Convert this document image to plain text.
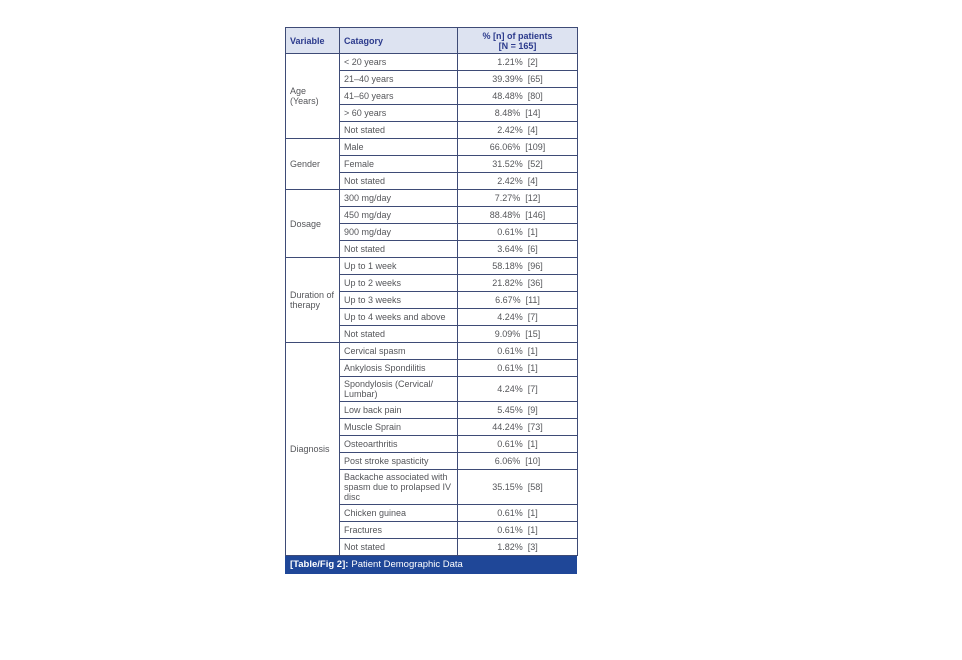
Variable	Catagory	% [n] of patients
[N = 165]

Age (Years)	< 20 years	1.21% [2]
	21–40 years	39.39% [65]
	41–60 years	48.48% [80]
	> 60 years	8.48% [14]
	Not stated	2.42% [4]
Gender	Male	66.06% [109]
	Female	31.52% [52]
	Not stated	2.42% [4]
Dosage	300 mg/day	7.27% [12]
	450 mg/day	88.48% [146]
	900 mg/day	0.61% [1]
	Not stated	3.64% [6]
Duration of therapy	Up to 1 week	58.18% [96]
	Up to 2 weeks	21.82% [36]
	Up to 3 weeks	6.67% [11]
	Up to 4 weeks and above	4.24% [7]
	Not stated	9.09% [15]
Diagnosis	Cervical spasm	0.61% [1]
	Ankylosis Spondilitis	0.61% [1]
	Spondylosis (Cervical/ Lumbar)	4.24% [7]
	Low back pain	5.45% [9]
	Muscle Sprain	44.24% [73]
	Osteoarthritis	0.61% [1]
	Post stroke spasticity	6.06% [10]
	Backache associated with spasm due to prolapsed IV disc	35.15% [58]
	Chicken guinea	0.61% [1]
	Fractures	0.61% [1]
	Not stated	1.82% [3]
[Table/Fig 2]: Patient Demographic Data
